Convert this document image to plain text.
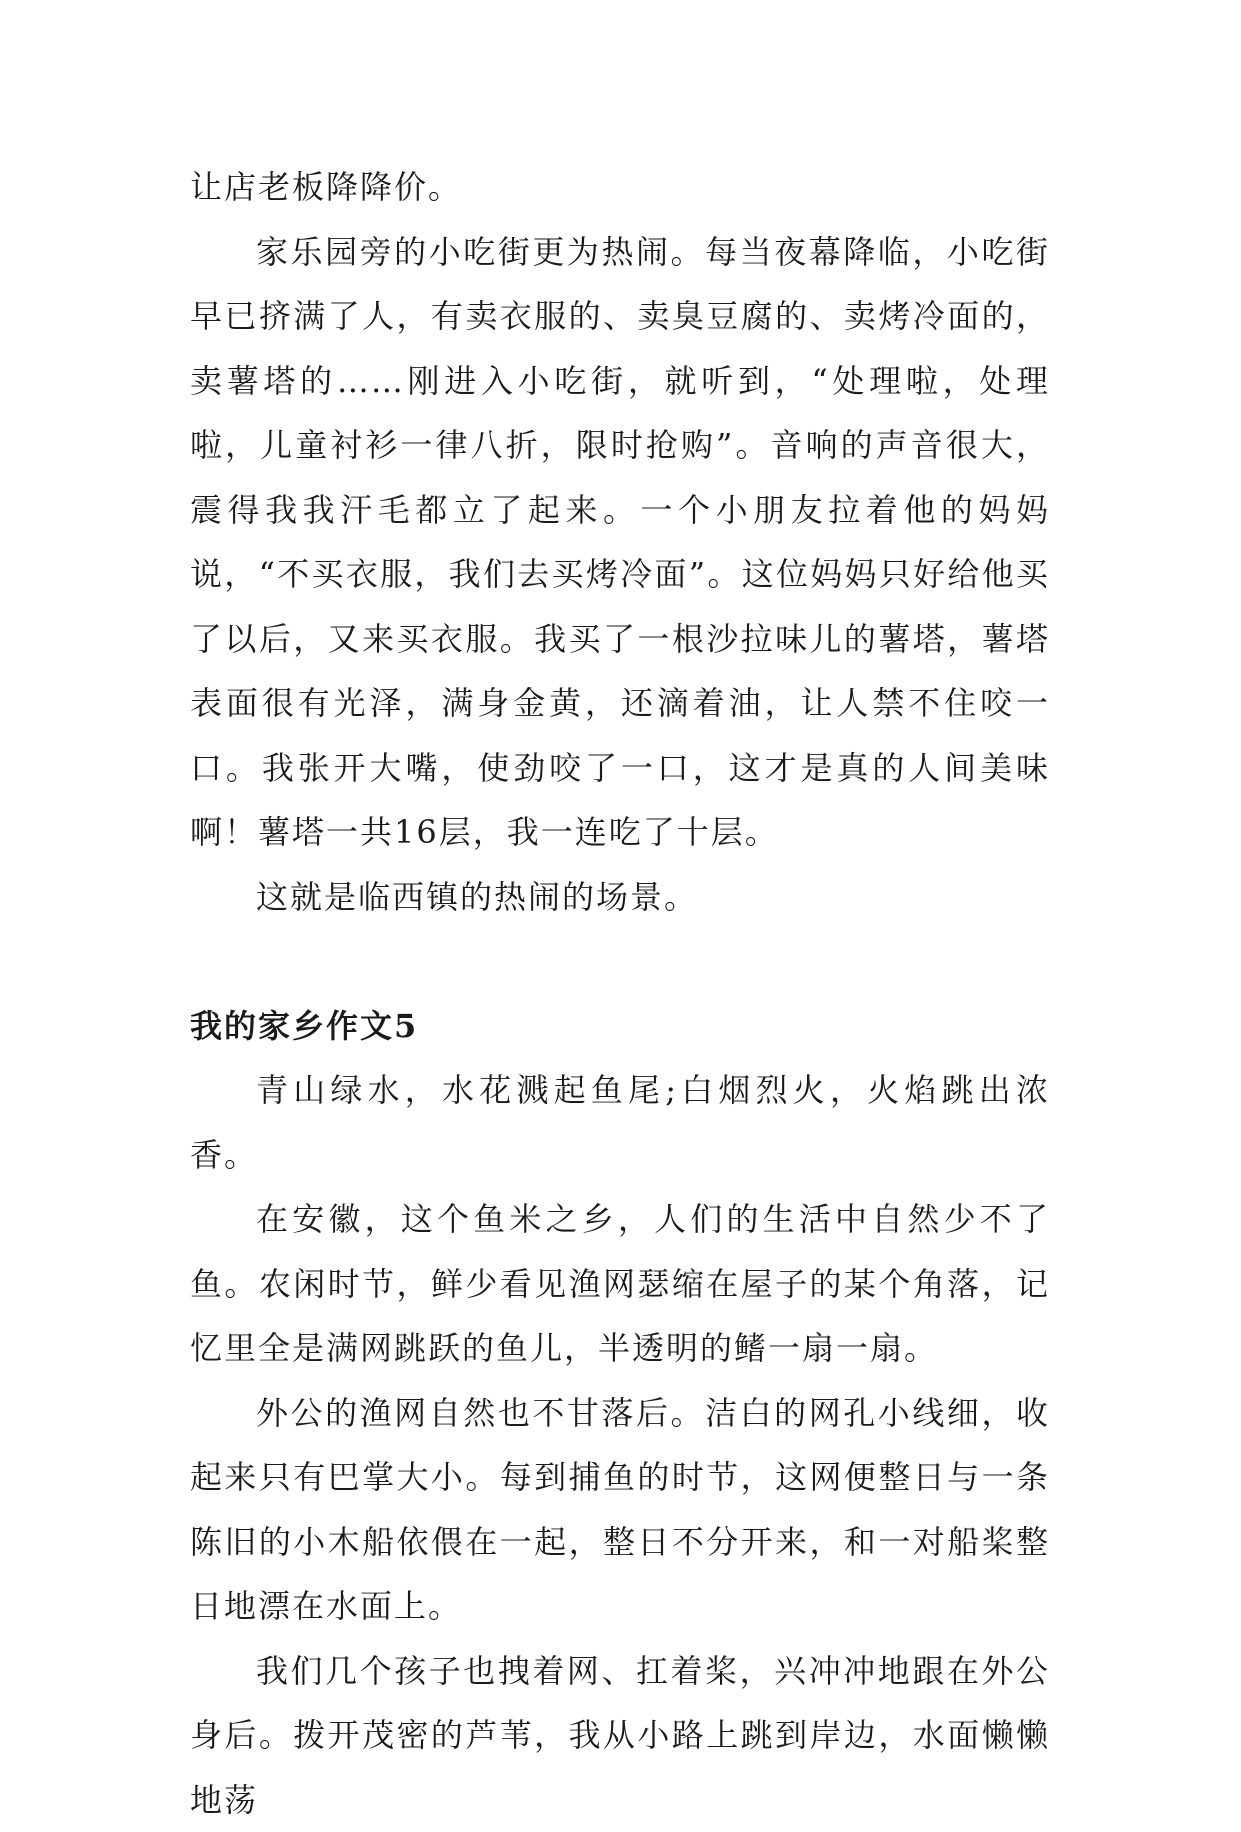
让店老板降降价。

家乐园旁的小吃街更为热闹。每当夜幕降临，小吃街早已挤满了人，有卖衣服的、卖臭豆腐的、卖烤冷面的，卖薯塔的……刚进入小吃街，就听到，“处理啦，处理啦，儿童衬衫一律八折，限时抢购”。音响的声音很大，震得我我汗毛都立了起来。一个小朋友拉着他的妈妈说，“不买衣服，我们去买烤冷面”。这位妈妈只好给他买了以后，又来买衣服。我买了一根沙拉味儿的薯塔，薯塔表面很有光泽，满身金黄，还滴着油，让人禁不住咬一口。我张开大嘴，使劲咬了一口，这才是真的人间美味啊！薯塔一共16层，我一连吃了十层。

这就是临西镇的热闹的场景。

我的家乡作文5

青山绿水，水花溅起鱼尾;白烟烈火，火焰跳出浓香。

在安徽，这个鱼米之乡，人们的生活中自然少不了鱼。农闲时节，鲜少看见渔网瑟缩在屋子的某个角落，记忆里全是满网跳跃的鱼儿，半透明的鳍一扇一扇。

外公的渔网自然也不甘落后。洁白的网孔小线细，收起来只有巴掌大小。每到捕鱼的时节，这网便整日与一条陈旧的小木船依偎在一起，整日不分开来，和一对船桨整日地漂在水面上。

我们几个孩子也拽着网、扛着桨，兴冲冲地跟在外公身后。拨开茂密的芦苇，我从小路上跳到岸边，水面懒懒地荡
